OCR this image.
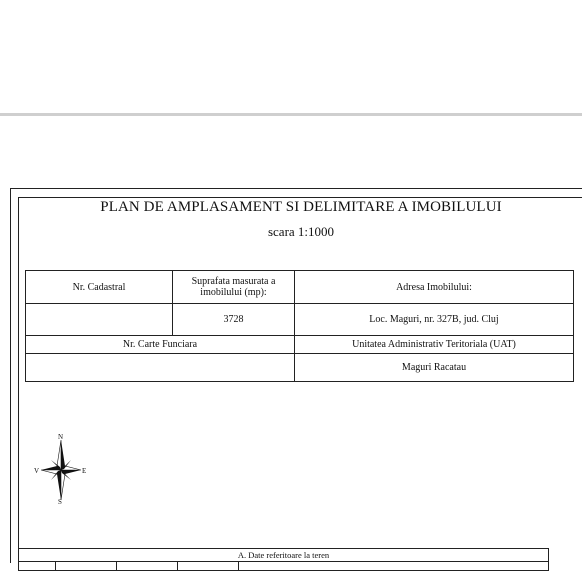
PLAN DE AMPLASAMENT SI DELIMITARE A IMOBILULUI
scara 1:1000
Nr. Cadastral	Suprafata masurata a imobilului (mp):	Adresa Imobilului:
	3728	Loc. Maguri, nr. 327B, jud. Cluj
Nr. Carte Funciara		Unitatea Administrativ Teritoriala (UAT)
		Maguri Racatau
N
S
E
V
A. Date referitoare la teren
